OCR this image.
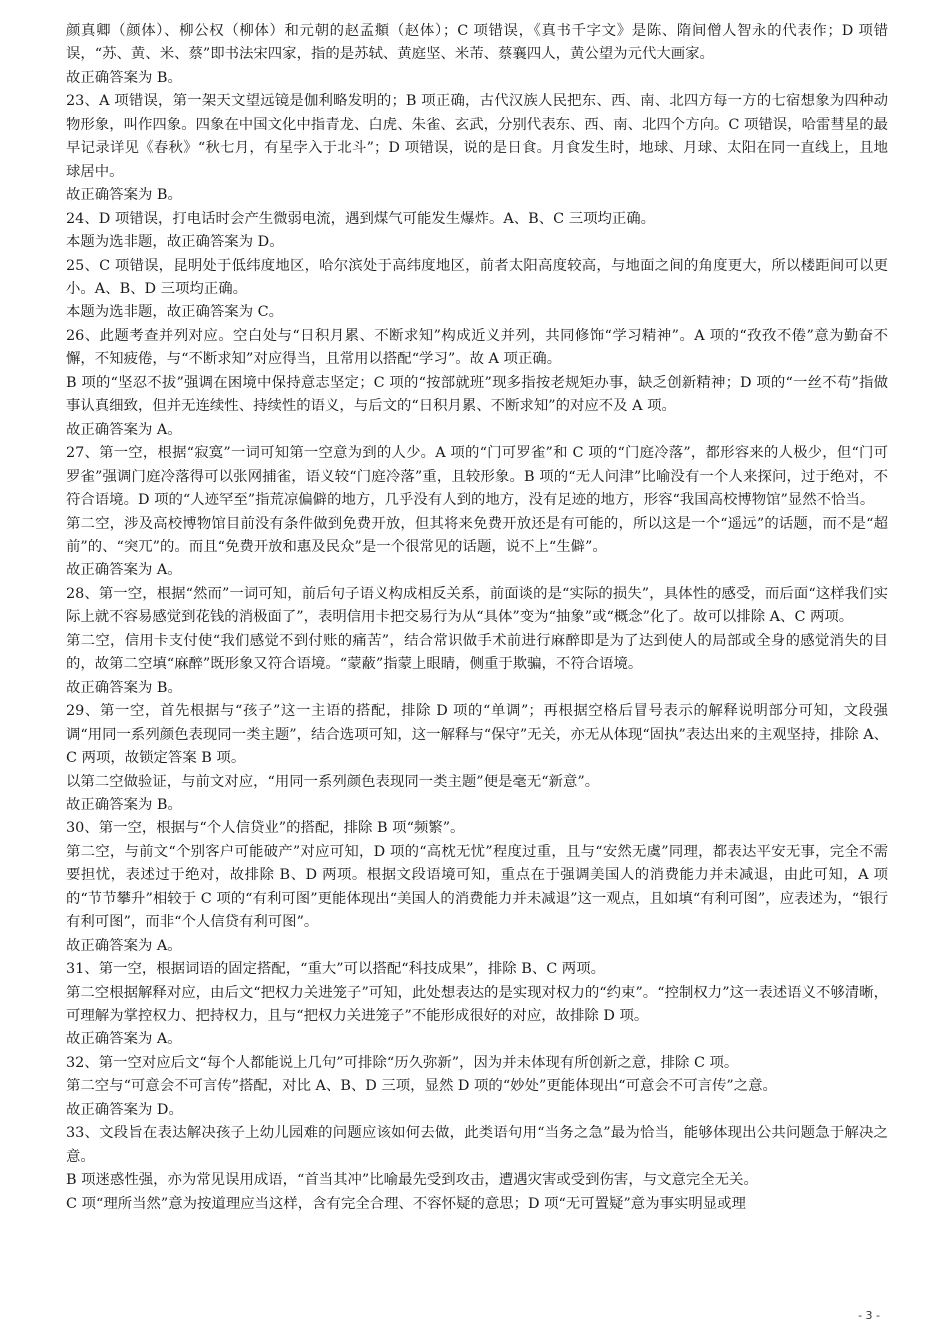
颜真卿（颜体）、柳公权（柳体）和元朝的赵孟頫（赵体）；C 项错误，《真书千字文》是陈、隋间僧人智永的代表作；D 项错误，“苏、黄、米、蔡”即书法宋四家，指的是苏轼、黄庭坚、米芾、蔡襄四人，黄公望为元代大画家。

故正确答案为 B。

23、A 项错误，第一架天文望远镜是伽利略发明的；B 项正确，古代汉族人民把东、西、南、北四方每一方的七宿想象为四种动物形象，叫作四象。四象在中国文化中指青龙、白虎、朱雀、玄武，分别代表东、西、南、北四个方向。C 项错误，哈雷彗星的最早记录详见《春秋》“秋七月，有星孛入于北斗”；D 项错误，说的是日食。月食发生时，地球、月球、太阳在同一直线上，且地球居中。

故正确答案为 B。

24、D 项错误，打电话时会产生微弱电流，遇到煤气可能发生爆炸。A、B、C 三项均正确。

本题为选非题，故正确答案为 D。

25、C 项错误，昆明处于低纬度地区，哈尔滨处于高纬度地区，前者太阳高度较高，与地面之间的角度更大，所以楼距间可以更小。A、B、D 三项均正确。

本题为选非题，故正确答案为 C。

26、此题考查并列对应。空白处与“日积月累、不断求知”构成近义并列，共同修饰“学习精神”。A 项的“孜孜不倦”意为勤奋不懈，不知疲倦，与“不断求知”对应得当，且常用以搭配“学习”。故 A 项正确。

B 项的“坚忍不拔”强调在困境中保持意志坚定；C 项的“按部就班”现多指按老规矩办事，缺乏创新精神；D 项的“一丝不苟”指做事认真细致，但并无连续性、持续性的语义，与后文的“日积月累、不断求知”的对应不及 A 项。

故正确答案为 A。

27、第一空，根据“寂寞”一词可知第一空意为到的人少。A 项的“门可罗雀”和 C 项的“门庭冷落”，都形容来的人极少，但“门可罗雀”强调门庭冷落得可以张网捕雀，语义较“门庭冷落”重，且较形象。B 项的“无人问津”比喻没有一个人来探问，过于绝对，不符合语境。D 项的“人迹罕至”指荒凉偏僻的地方，几乎没有人到的地方，没有足迹的地方，形容“我国高校博物馆”显然不恰当。

第二空，涉及高校博物馆目前没有条件做到免费开放，但其将来免费开放还是有可能的，所以这是一个“遥远”的话题，而不是“超前”的、“突兀”的。而且“免费开放和惠及民众”是一个很常见的话题，说不上“生僻”。

故正确答案为 A。

28、第一空，根据“然而”一词可知，前后句子语义构成相反关系，前面谈的是“实际的损失”，具体性的感受，而后面“这样我们实际上就不容易感觉到花钱的消极面了”，表明信用卡把交易行为从“具体”变为“抽象”或“概念”化了。故可以排除 A、C 两项。

第二空，信用卡支付使“我们感觉不到付账的痛苦”，结合常识做手术前进行麻醉即是为了达到使人的局部或全身的感觉消失的目的，故第二空填“麻醉”既形象又符合语境。“蒙蔽”指蒙上眼睛，侧重于欺骗，不符合语境。

故正确答案为 B。

29、第一空，首先根据与“孩子”这一主语的搭配，排除 D 项的“单调”；再根据空格后冒号表示的解释说明部分可知，文段强调“用同一系列颜色表现同一类主题”，结合选项可知，这一解释与“保守”无关，亦无从体现“固执”表达出来的主观坚持，排除 A、C 两项，故锁定答案 B 项。

以第二空做验证，与前文对应，“用同一系列颜色表现同一类主题”便是毫无“新意”。

故正确答案为 B。

30、第一空，根据与“个人信贷业”的搭配，排除 B 项“频繁”。

第二空，与前文“个别客户可能破产”对应可知，D 项的“高枕无忧”程度过重，且与“安然无虞”同理，都表达平安无事，完全不需要担忧，表述过于绝对，故排除 B、D 两项。根据文段语境可知，重点在于强调美国人的消费能力并未减退，由此可知，A 项的“节节攀升”相较于 C 项的“有利可图”更能体现出“美国人的消费能力并未减退”这一观点，且如填“有利可图”，应表述为，“银行有利可图”，而非“个人信贷有利可图”。

故正确答案为 A。

31、第一空，根据词语的固定搭配，“重大”可以搭配“科技成果”，排除 B、C 两项。

第二空根据解释对应，由后文“把权力关进笼子”可知，此处想表达的是实现对权力的“约束”。“控制权力”这一表述语义不够清晰，可理解为掌控权力、把持权力，且与“把权力关进笼子”不能形成很好的对应，故排除 D 项。

故正确答案为 A。

32、第一空对应后文“每个人都能说上几句”可排除“历久弥新”，因为并未体现有所创新之意，排除 C 项。

第二空与“可意会不可言传”搭配，对比 A、B、D 三项，显然 D 项的“妙处”更能体现出“可意会不可言传”之意。

故正确答案为 D。

33、文段旨在表达解决孩子上幼儿园难的问题应该如何去做，此类语句用“当务之急”最为恰当，能够体现出公共问题急于解决之意。

B 项迷惑性强，亦为常见误用成语，“首当其冲”比喻最先受到攻击，遭遇灾害或受到伤害，与文意完全无关。

C 项“理所当然”意为按道理应当这样，含有完全合理、不容怀疑的意思；D 项“无可置疑”意为事实明显或理

- 3 -
